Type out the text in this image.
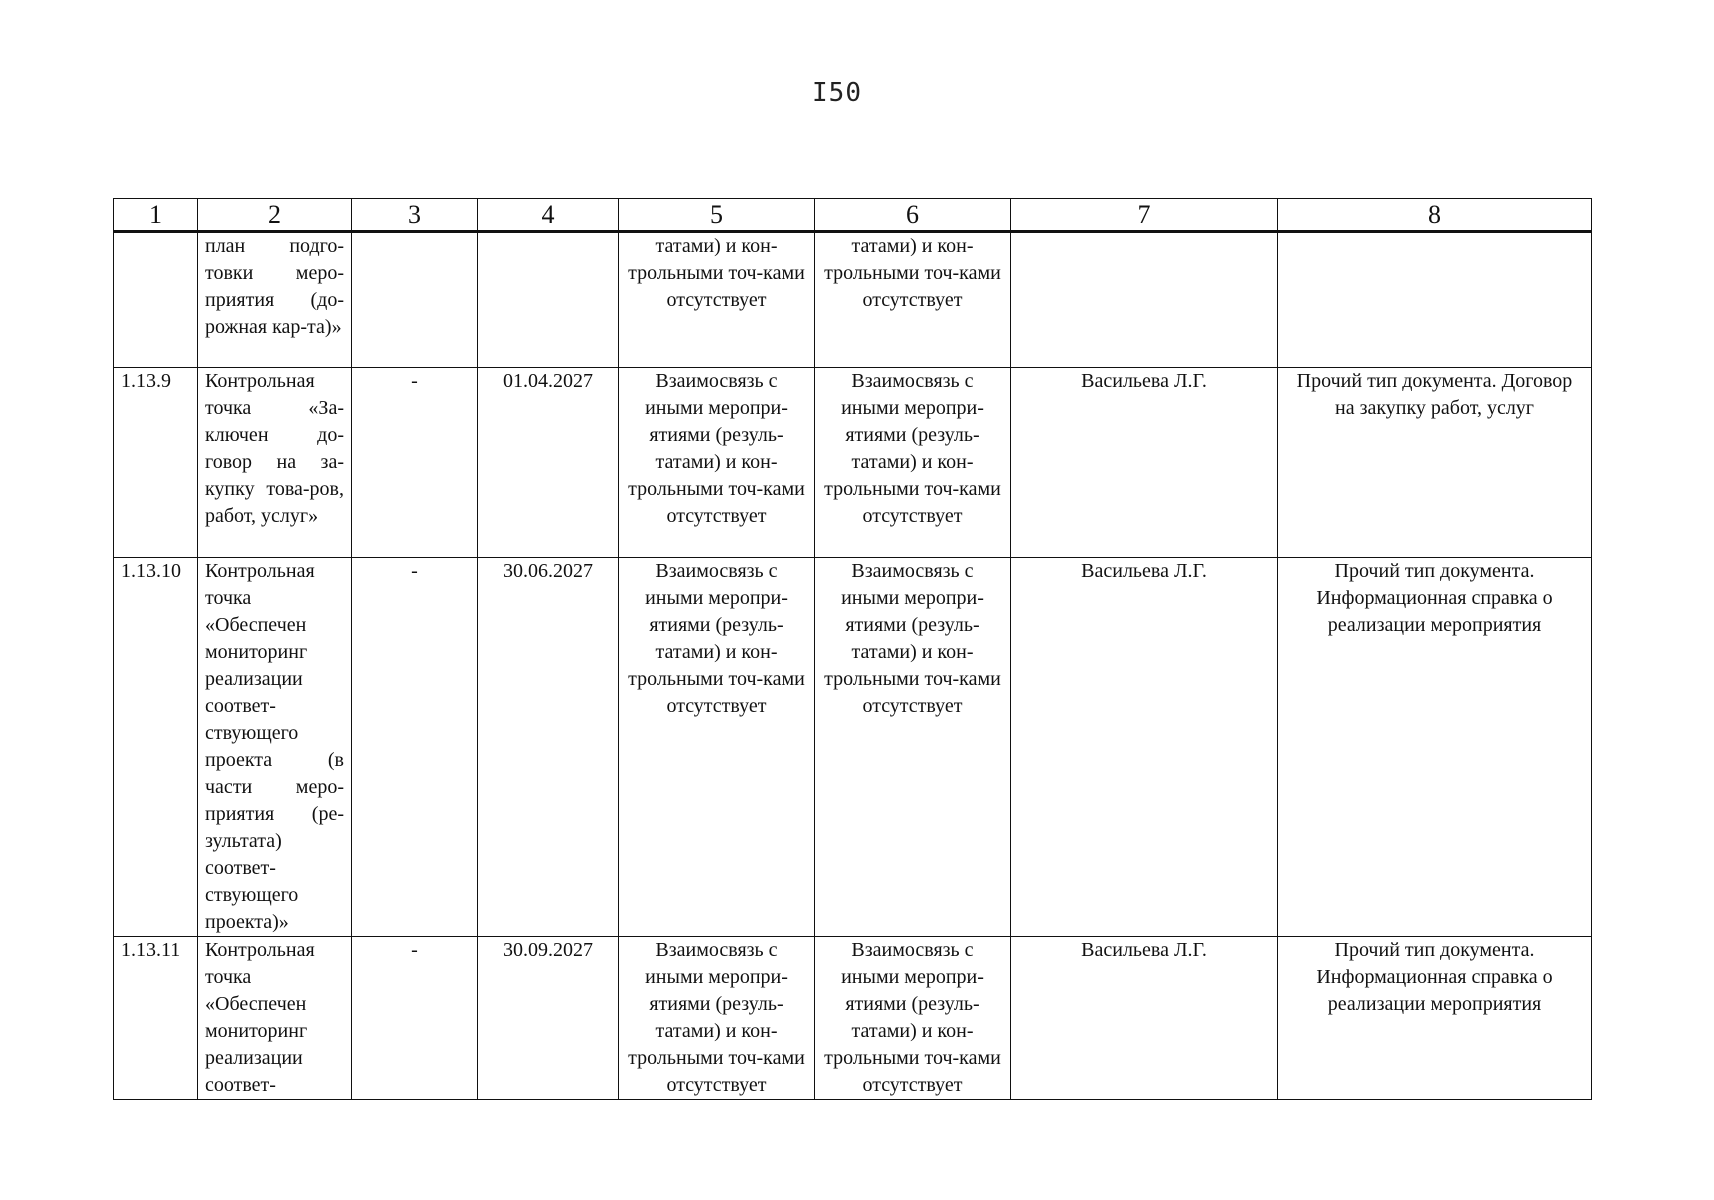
I50
1	2	3	4	5	6	7	8
	план подго-товки меро-приятия (до-рожная кар-та)»			татами) и кон-трольными точ-ками отсутствует	татами) и кон-трольными точ-ками отсутствует		
1.13.9	Контрольная точка «За-ключен до-говор на за-купку това-ров, работ, услуг»	-	01.04.2027	Взаимосвязь с иными меропри-ятиями (резуль-татами) и кон-трольными точ-ками отсутствует	Взаимосвязь с иными меропри-ятиями (резуль-татами) и кон-трольными точ-ками отсутствует	Васильева Л.Г.	Прочий тип документа. Договор на закупку работ, услуг
1.13.10	Контрольная точка «Обеспечен мониторинг реализации соответ-ствующего проекта (в части меро-приятия (ре-зультата) соответ-ствующего проекта)»	-	30.06.2027	Взаимосвязь с иными меропри-ятиями (резуль-татами) и кон-трольными точ-ками отсутствует	Взаимосвязь с иными меропри-ятиями (резуль-татами) и кон-трольными точ-ками отсутствует	Васильева Л.Г.	Прочий тип документа. Информационная справка о реализации мероприятия
1.13.11	Контрольная точка «Обеспечен мониторинг реализации соответ-	-	30.09.2027	Взаимосвязь с иными меропри-ятиями (резуль-татами) и кон-трольными точ-ками отсутствует	Взаимосвязь с иными меропри-ятиями (резуль-татами) и кон-трольными точ-ками отсутствует	Васильева Л.Г.	Прочий тип документа. Информационная справка о реализации мероприятия
